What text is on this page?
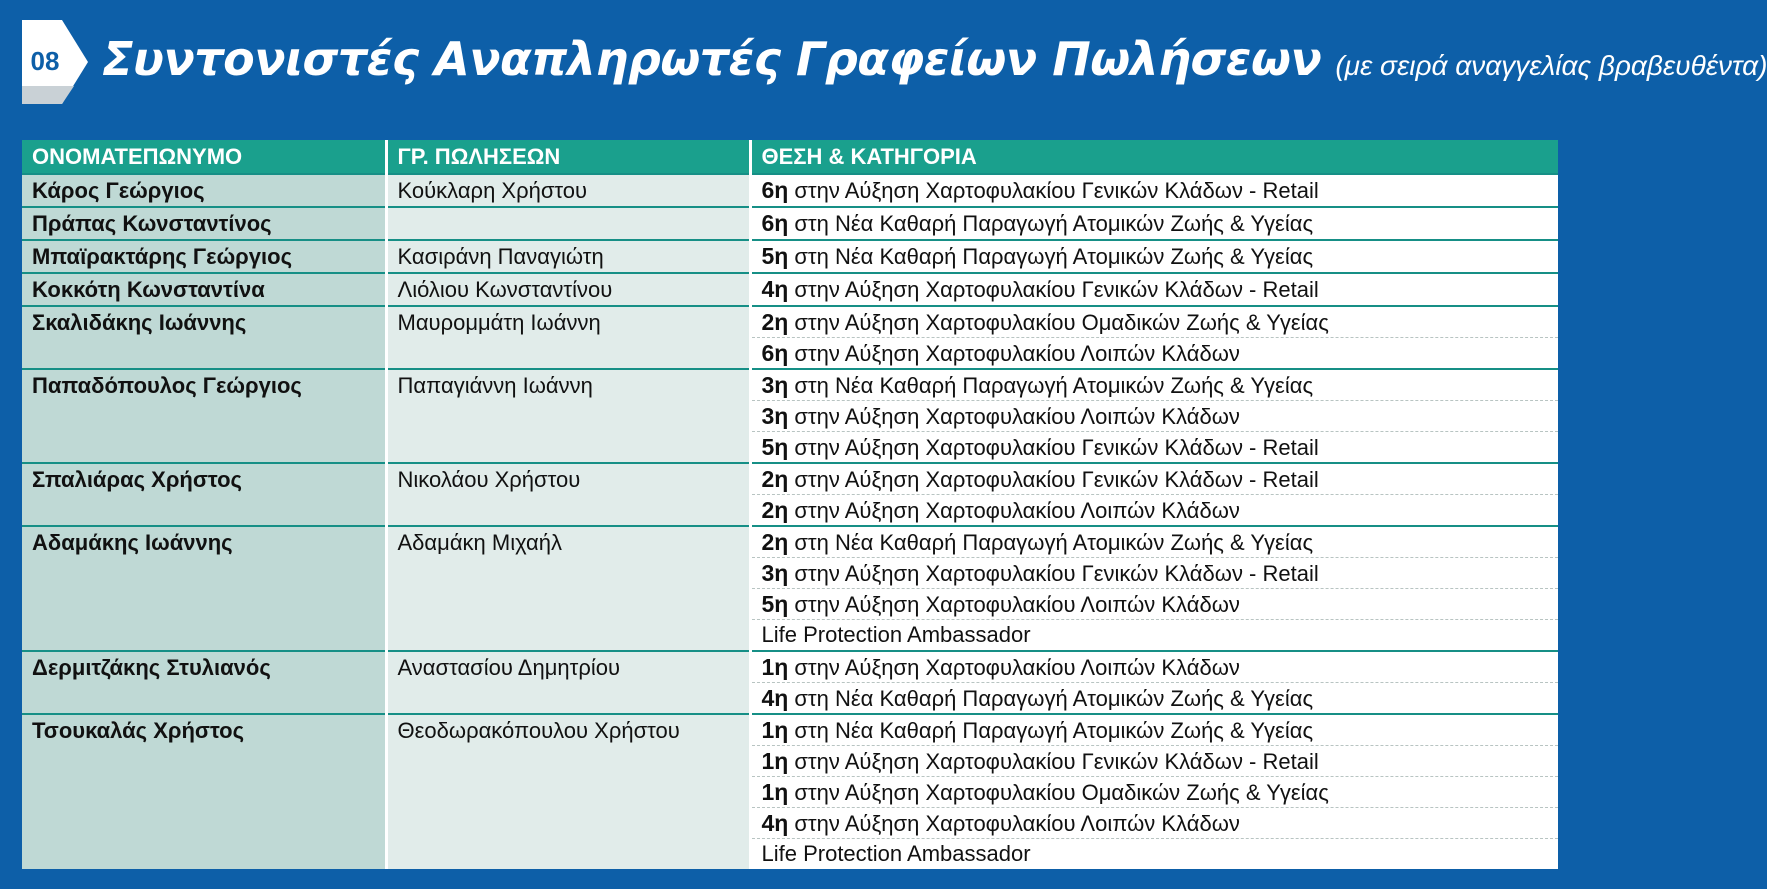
08 Συντονιστές Αναπληρωτές Γραφείων Πωλήσεων (με σειρά αναγγελίας βραβευθέντα)
ΟΝΟΜΑΤΕΠΩΝΥΜΟ	ΓΡ. ΠΩΛΗΣΕΩΝ	ΘΕΣΗ & ΚΑΤΗΓΟΡΙΑ
Κάρος Γεώργιος	Κούκλαρη Χρήστου	6η στην Αύξηση Χαρτοφυλακίου Γενικών Κλάδων - Retail

Πράπας Κωνσταντίνος		6η στη Νέα Καθαρή Παραγωγή Ατομικών Ζωής & Υγείας

Μπαϊρακτάρης Γεώργιος	Κασιράνη Παναγιώτη	5η στη Νέα Καθαρή Παραγωγή Ατομικών Ζωής & Υγείας

Κοκκότη Κωνσταντίνα	Λιόλιου Κωνσταντίνου	4η στην Αύξηση Χαρτοφυλακίου Γενικών Κλάδων - Retail

Σκαλιδάκης Ιωάννης	Μαυρομμάτη Ιωάννη	2η στην Αύξηση Χαρτοφυλακίου Ομαδικών Ζωής & Υγείας
6η στην Αύξηση Χαρτοφυλακίου Λοιπών Κλάδων

Παπαδόπουλος Γεώργιος	Παπαγιάννη Ιωάννη	3η στη Νέα Καθαρή Παραγωγή Ατομικών Ζωής & Υγείας
3η στην Αύξηση Χαρτοφυλακίου Λοιπών Κλάδων
5η στην Αύξηση Χαρτοφυλακίου Γενικών Κλάδων - Retail

Σπαλιάρας Χρήστος	Νικολάου Χρήστου	2η στην Αύξηση Χαρτοφυλακίου Γενικών Κλάδων - Retail
2η στην Αύξηση Χαρτοφυλακίου Λοιπών Κλάδων

Αδαμάκης Ιωάννης	Αδαμάκη Μιχαήλ	2η στη Νέα Καθαρή Παραγωγή Ατομικών Ζωής & Υγείας
3η στην Αύξηση Χαρτοφυλακίου Γενικών Κλάδων - Retail
5η στην Αύξηση Χαρτοφυλακίου Λοιπών Κλάδων
Life Protection Ambassador

Δερμιτζάκης Στυλιανός	Αναστασίου Δημητρίου	1η στην Αύξηση Χαρτοφυλακίου Λοιπών Κλάδων
4η στη Νέα Καθαρή Παραγωγή Ατομικών Ζωής & Υγείας

Τσουκαλάς Χρήστος	Θεοδωρακόπουλου Χρήστου	1η στη Νέα Καθαρή Παραγωγή Ατομικών Ζωής & Υγείας
1η στην Αύξηση Χαρτοφυλακίου Γενικών Κλάδων - Retail
1η στην Αύξηση Χαρτοφυλακίου Ομαδικών Ζωής & Υγείας
4η στην Αύξηση Χαρτοφυλακίου Λοιπών Κλάδων
Life Protection Ambassador
